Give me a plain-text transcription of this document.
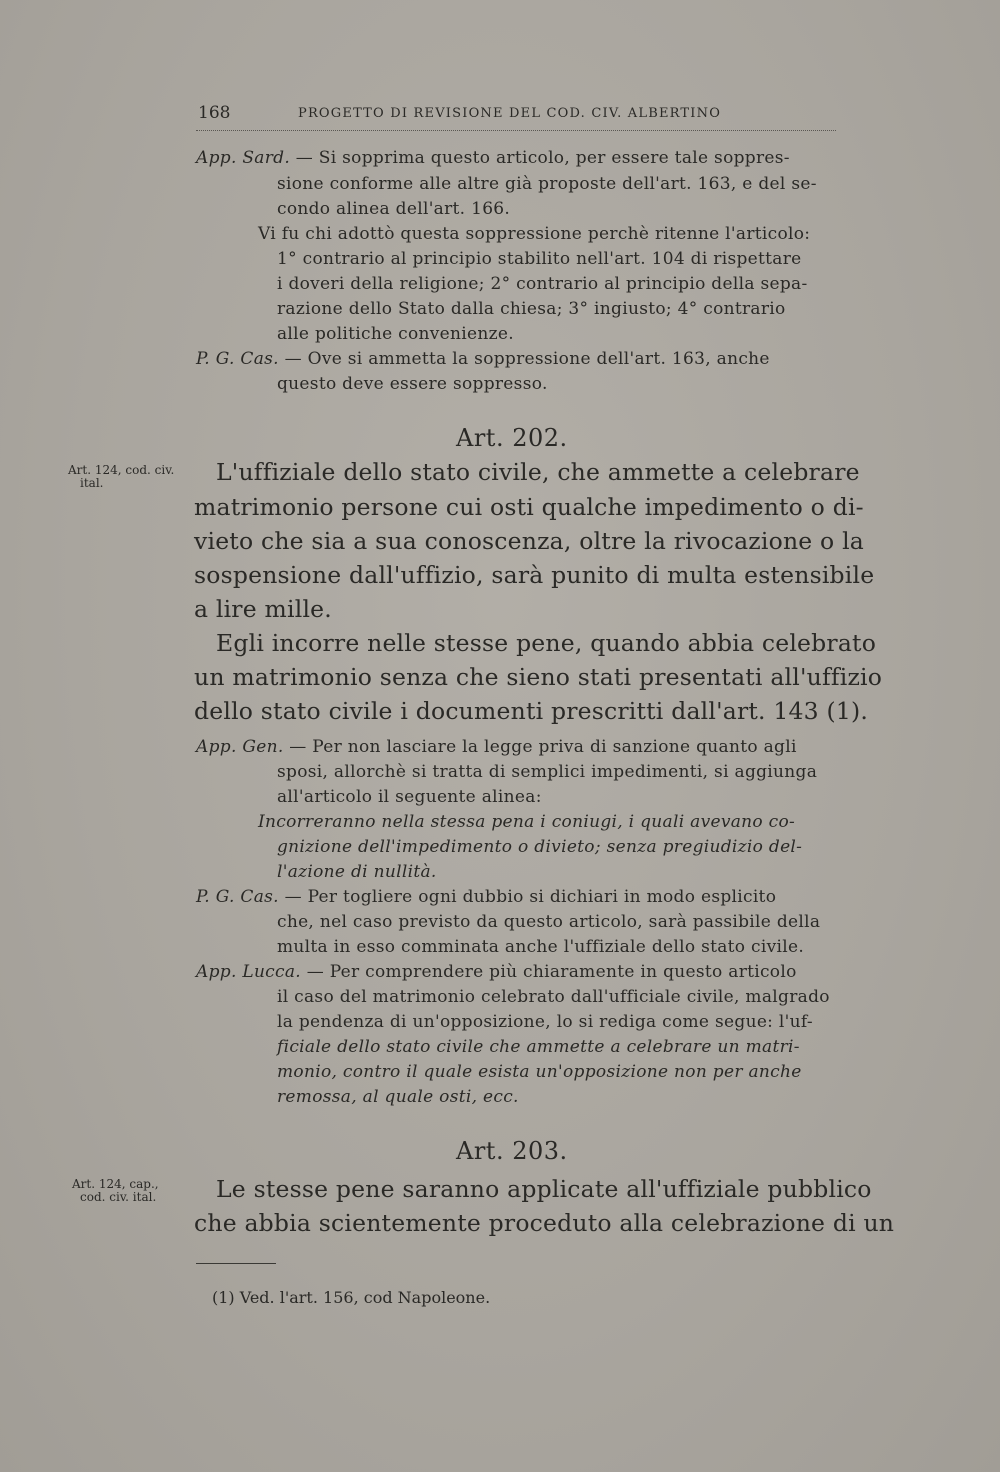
168	PROGETTO DI REVISIONE DEL COD. CIV. ALBERTINO
App. Sard. — Si sopprima questo articolo, per essere tale soppres-
sione conforme alle altre già proposte dell'art. 163, e del se-
condo alinea dell'art. 166.
Vi fu chi adottò questa soppressione perchè ritenne l'articolo:
1° contrario al principio stabilito nell'art. 104 di rispettare
i doveri della religione; 2° contrario al principio della sepa-
razione dello Stato dalla chiesa; 3° ingiusto; 4° contrario
alle politiche convenienze.
P. G. Cas. — Ove si ammetta la soppressione dell'art. 163, anche
questo deve essere soppresso.
Art. 202.
Art. 124, cod. civ.
ital.	L'uffiziale dello stato civile, che ammette a celebrare
matrimonio persone cui osti qualche impedimento o di-
vieto che sia a sua conoscenza, oltre la rivocazione o la
sospensione dall'uffizio, sarà punito di multa estensibile
a lire mille.
Egli incorre nelle stesse pene, quando abbia celebrato
un matrimonio senza che sieno stati presentati all'uffizio
dello stato civile i documenti prescritti dall'art. 143 (1).
App. Gen. — Per non lasciare la legge priva di sanzione quanto agli
sposi, allorchè si tratta di semplici impedimenti, si aggiunga
all'articolo il seguente alinea:
Incorreranno nella stessa pena i coniugi, i quali avevano co-
gnizione dell'impedimento o divieto; senza pregiudizio del-
l'azione di nullità.
P. G. Cas. — Per togliere ogni dubbio si dichiari in modo esplicito
che, nel caso previsto da questo articolo, sarà passibile della
multa in esso comminata anche l'uffiziale dello stato civile.
App. Lucca. — Per comprendere più chiaramente in questo articolo
il caso del matrimonio celebrato dall'ufficiale civile, malgrado
la pendenza di un'opposizione, lo si rediga come segue: l'uf-
ficiale dello stato civile che ammette a celebrare un matri-
monio, contro il quale esista un'opposizione non per anche
remossa, al quale osti, ecc.
Art. 203.
Art. 124, cap.,
cod. civ. ital.	Le stesse pene saranno applicate all'uffiziale pubblico
che abbia scientemente proceduto alla celebrazione di un
(1) Ved. l'art. 156, cod Napoleone.
